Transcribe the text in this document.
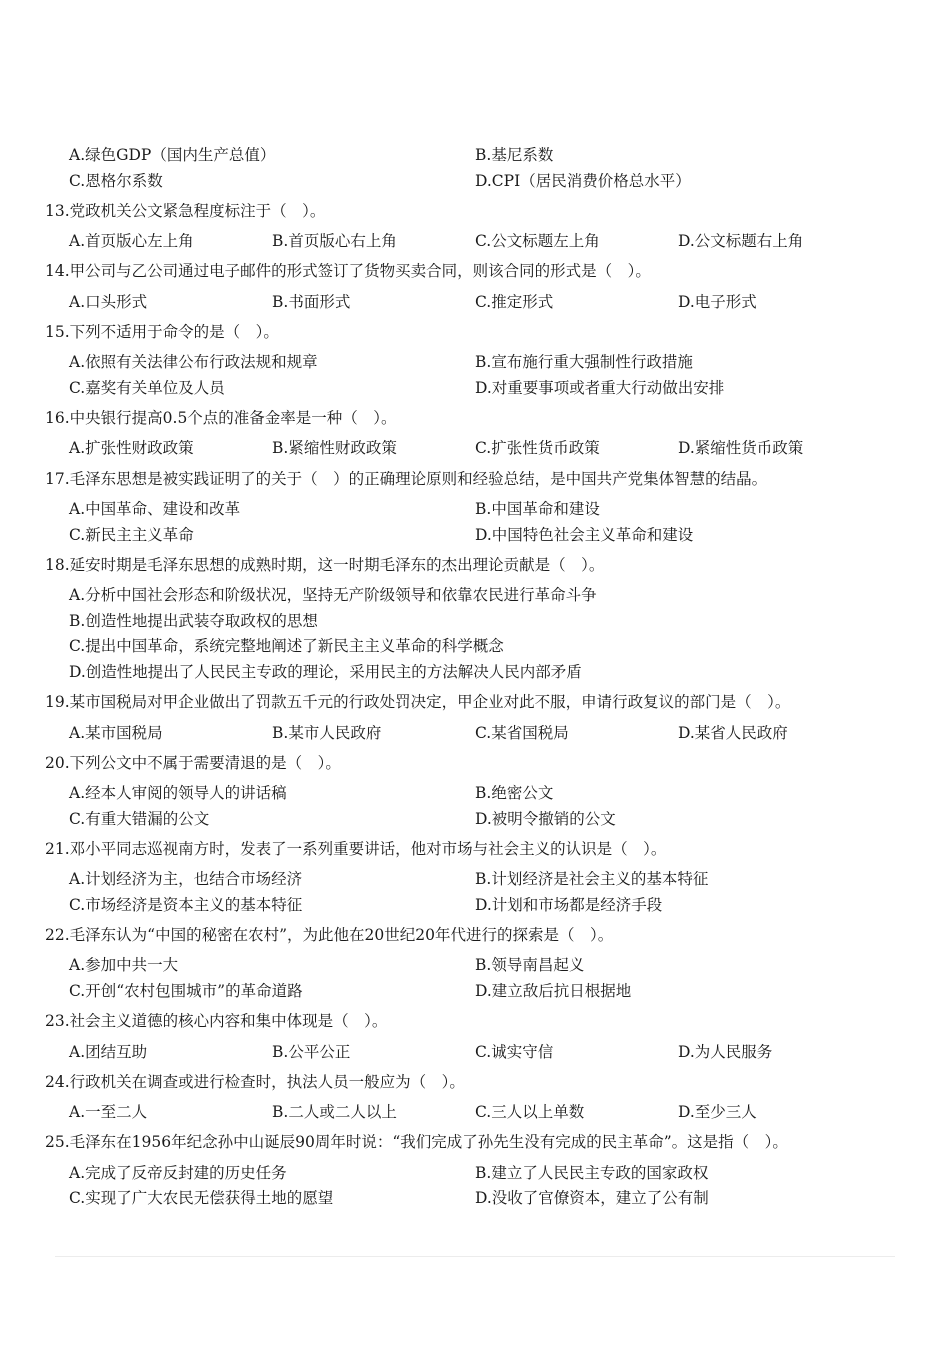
A.绿色GDP（国内生产总值）	B.基尼系数
C.恩格尔系数	D.CPI（居民消费价格总水平）
13.党政机关公文紧急程度标注于（　）。
A.首页版心左上角	B.首页版心右上角	C.公文标题左上角	D.公文标题右上角
14.甲公司与乙公司通过电子邮件的形式签订了货物买卖合同，则该合同的形式是（　）。
A.口头形式	B.书面形式	C.推定形式	D.电子形式
15.下列不适用于命令的是（　）。
A.依照有关法律公布行政法规和规章	B.宣布施行重大强制性行政措施
C.嘉奖有关单位及人员	D.对重要事项或者重大行动做出安排
16.中央银行提高0.5个点的准备金率是一种（　）。
A.扩张性财政政策	B.紧缩性财政政策	C.扩张性货币政策	D.紧缩性货币政策
17.毛泽东思想是被实践证明了的关于（　）的正确理论原则和经验总结，是中国共产党集体智慧的结晶。
A.中国革命、建设和改革	B.中国革命和建设
C.新民主主义革命	D.中国特色社会主义革命和建设
18.延安时期是毛泽东思想的成熟时期，这一时期毛泽东的杰出理论贡献是（　）。
A.分析中国社会形态和阶级状况，坚持无产阶级领导和依靠农民进行革命斗争
B.创造性地提出武装夺取政权的思想
C.提出中国革命，系统完整地阐述了新民主主义革命的科学概念
D.创造性地提出了人民民主专政的理论，采用民主的方法解决人民内部矛盾
19.某市国税局对甲企业做出了罚款五千元的行政处罚决定，甲企业对此不服，申请行政复议的部门是（　）。
A.某市国税局	B.某市人民政府	C.某省国税局	D.某省人民政府
20.下列公文中不属于需要清退的是（　）。
A.经本人审阅的领导人的讲话稿	B.绝密公文
C.有重大错漏的公文	D.被明令撤销的公文
21.邓小平同志巡视南方时，发表了一系列重要讲话，他对市场与社会主义的认识是（　）。
A.计划经济为主，也结合市场经济	B.计划经济是社会主义的基本特征
C.市场经济是资本主义的基本特征	D.计划和市场都是经济手段
22.毛泽东认为“中国的秘密在农村”，为此他在20世纪20年代进行的探索是（　）。
A.参加中共一大	B.领导南昌起义
C.开创“农村包围城市”的革命道路	D.建立敌后抗日根据地
23.社会主义道德的核心内容和集中体现是（　）。
A.团结互助	B.公平公正	C.诚实守信	D.为人民服务
24.行政机关在调查或进行检查时，执法人员一般应为（　）。
A.一至二人	B.二人或二人以上	C.三人以上单数	D.至少三人
25.毛泽东在1956年纪念孙中山诞辰90周年时说：“我们完成了孙先生没有完成的民主革命”。这是指（　）。
A.完成了反帝反封建的历史任务	B.建立了人民民主专政的国家政权
C.实现了广大农民无偿获得土地的愿望	D.没收了官僚资本，建立了公有制
